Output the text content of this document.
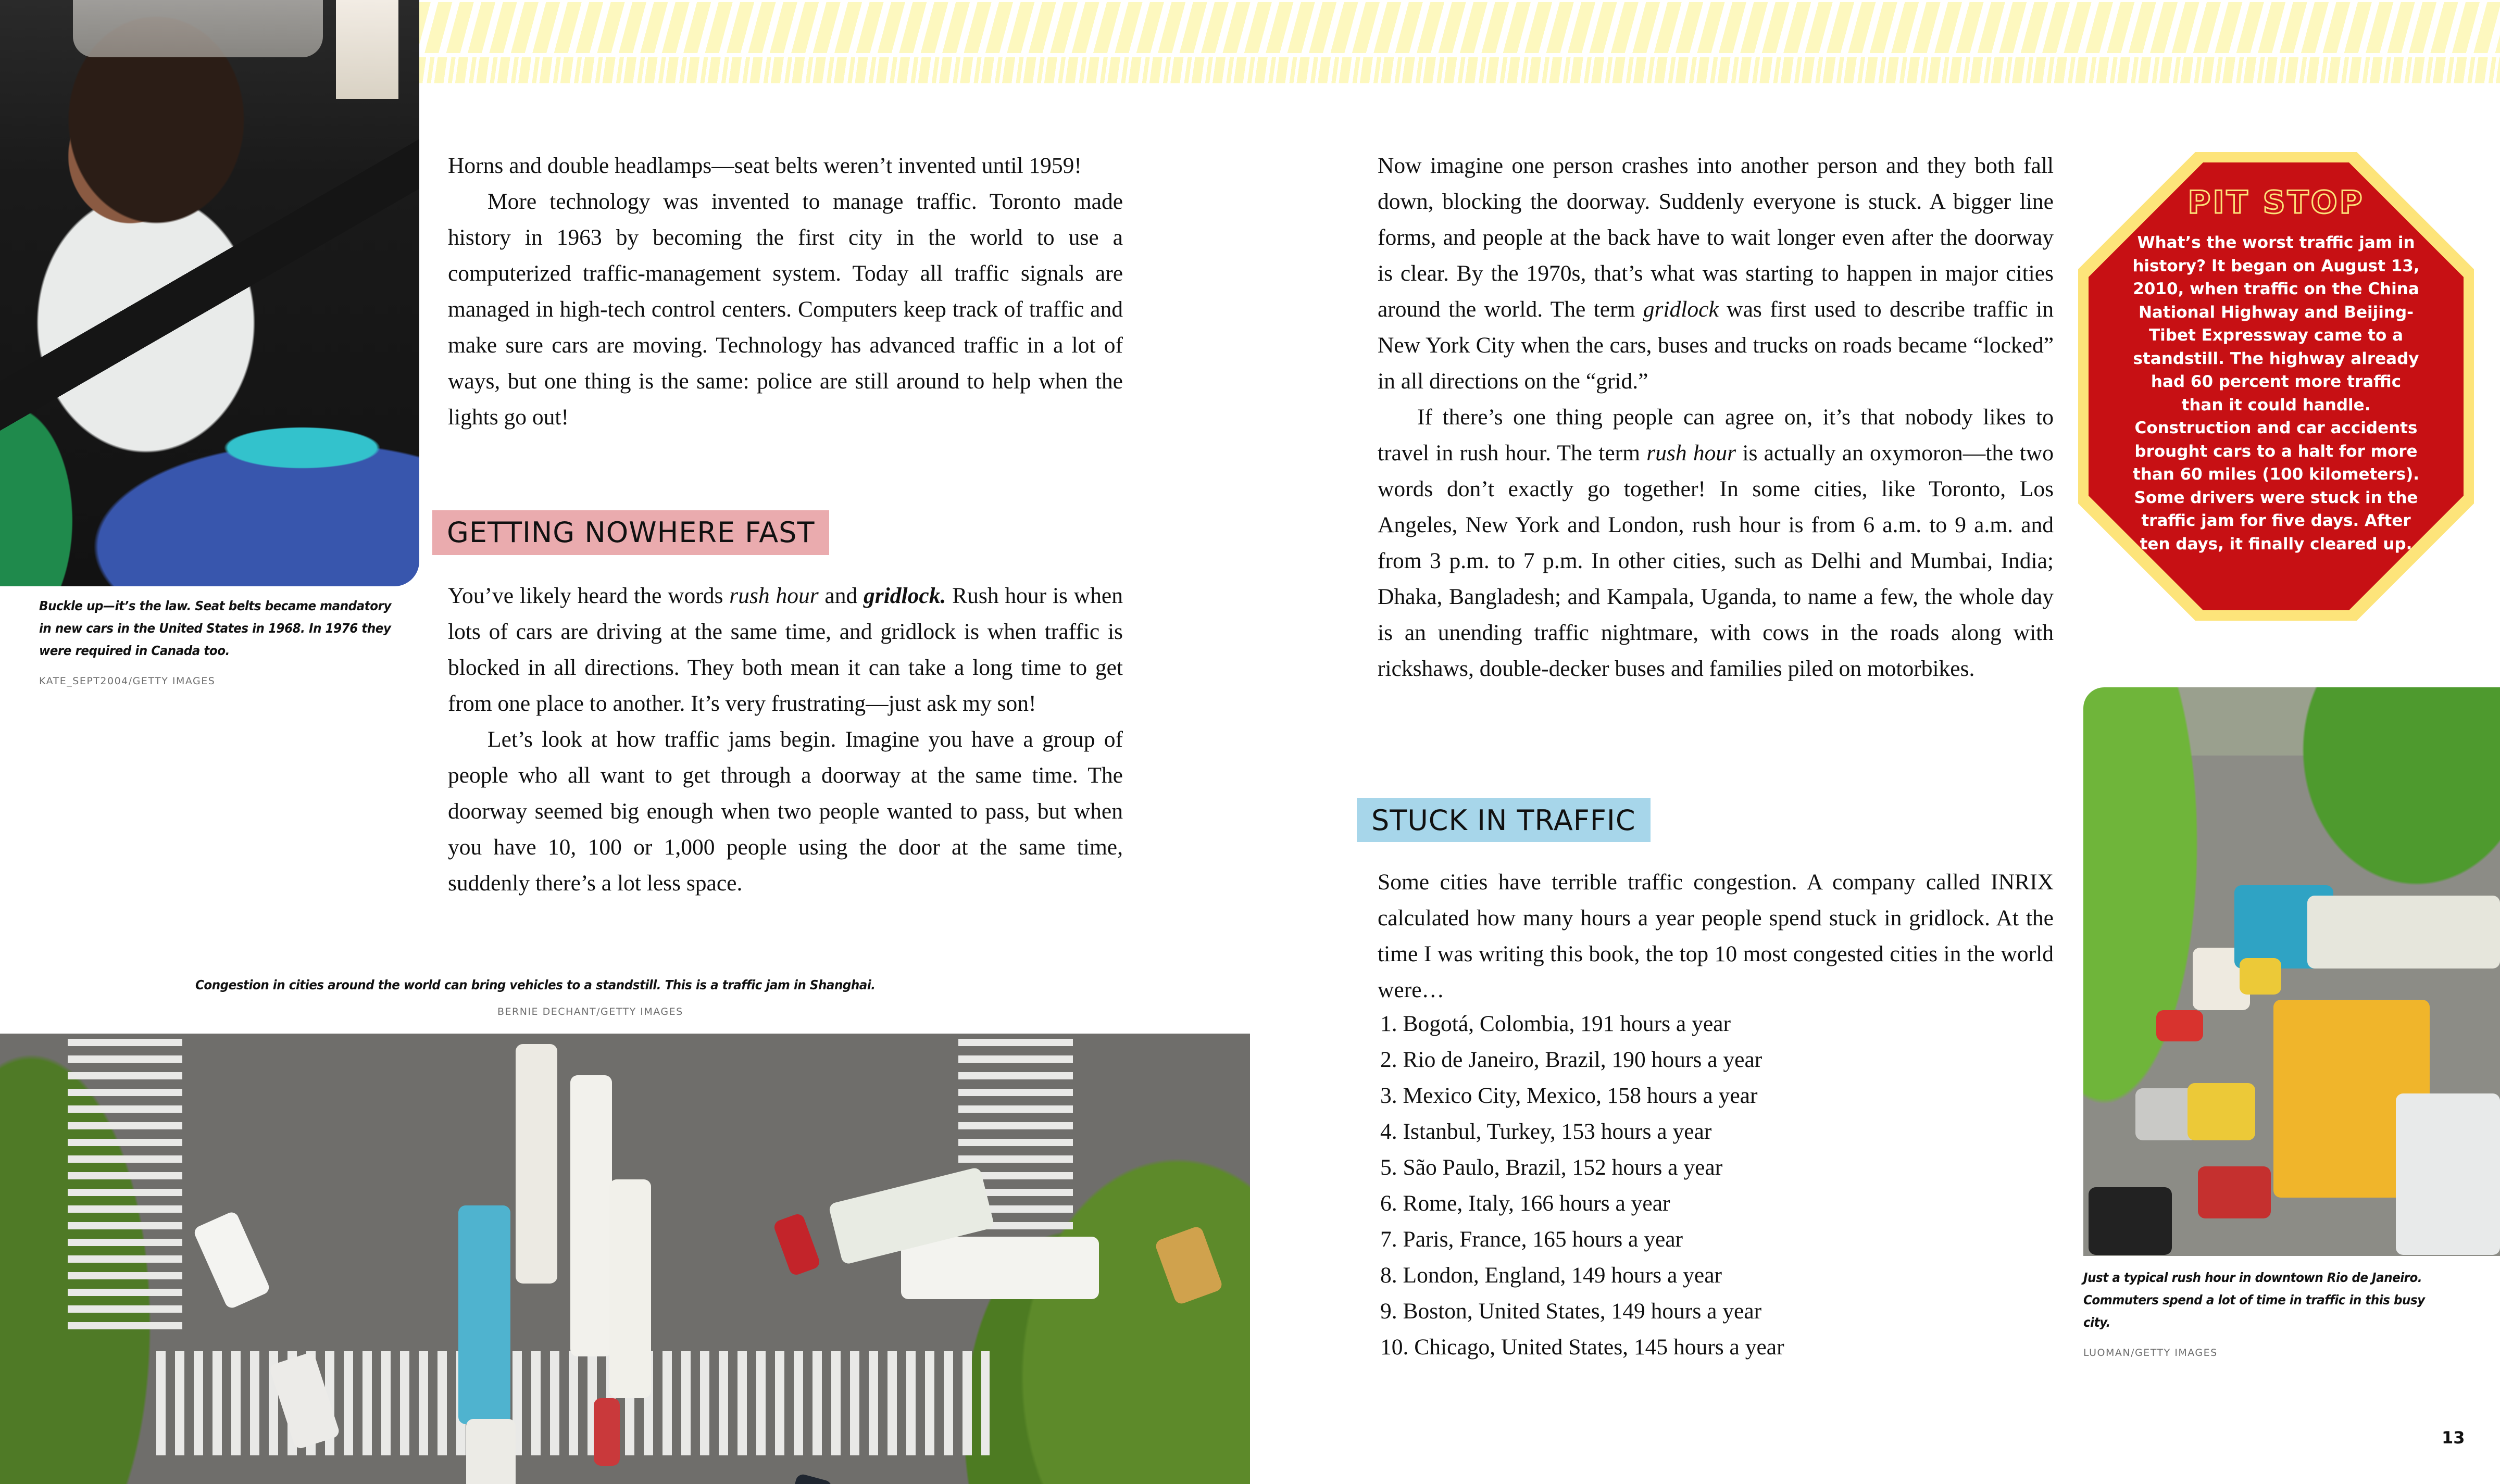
Buckle up—it’s the law. Seat belts became mandatory in new cars in the United States in 1968. In 1976 they were required in Canada too.
KATE_SEPT2004/GETTY IMAGES

Horns and double headlamps—seat belts weren’t invented until 1959!

More technology was invented to manage traffic. Toronto made history in 1963 by becoming the first city in the world to use a computerized traffic-management system. Today all traffic signals are managed in high-tech control centers. Computers keep track of traffic and make sure cars are moving. Technology has advanced traffic in a lot of ways, but one thing is the same: police are still around to help when the lights go out!

GETTING NOWHERE FAST

You’ve likely heard the words rush hour and gridlock. Rush hour is when lots of cars are driving at the same time, and gridlock is when traffic is blocked in all directions. They both mean it can take a long time to get from one place to another. It’s very frustrating—just ask my son!

Let’s look at how traffic jams begin. Imagine you have a group of people who all want to get through a doorway at the same time. The doorway seemed big enough when two people wanted to pass, but when you have 10, 100 or 1,000 people using the door at the same time, suddenly there’s a lot less space.

Congestion in cities around the world can bring vehicles to a standstill. This is a traffic jam in Shanghai.
BERNIE DECHANT/GETTY IMAGES

Now imagine one person crashes into another person and they both fall down, blocking the doorway. Suddenly everyone is stuck. A bigger line forms, and people at the back have to wait longer even after the doorway is clear. By the 1970s, that’s what was starting to happen in major cities around the world. The term gridlock was first used to describe traffic in New York City when the cars, buses and trucks on roads became “locked” in all directions on the “grid.”

If there’s one thing people can agree on, it’s that nobody likes to travel in rush hour. The term rush hour is actually an oxymoron—the two words don’t exactly go together! In some cities, like Toronto, Los Angeles, New York and London, rush hour is from 6 a.m. to 9 a.m. and from 3 p.m. to 7 p.m. In other cities, such as Delhi and Mumbai, India; Dhaka, Bangladesh; and Kampala, Uganda, to name a few, the whole day is an unending traffic nightmare, with cows in the roads along with rickshaws, double-decker buses and families piled on motorbikes.

STUCK IN TRAFFIC

Some cities have terrible traffic congestion. A company called INRIX calculated how many hours a year people spend stuck in gridlock. At the time I was writing this book, the top 10 most congested cities in the world were…

1. Bogotá, Colombia, 191 hours a year
2. Rio de Janeiro, Brazil, 190 hours a year
3. Mexico City, Mexico, 158 hours a year
4. Istanbul, Turkey, 153 hours a year
5. São Paulo, Brazil, 152 hours a year
6. Rome, Italy, 166 hours a year
7. Paris, France, 165 hours a year
8. London, England, 149 hours a year
9. Boston, United States, 149 hours a year
10. Chicago, United States, 145 hours a year
PIT STOP
What’s the worst traffic jam in history? It began on August 13, 2010, when traffic on the China National Highway and Beijing-Tibet Expressway came to a standstill. The highway already had 60 percent more traffic than it could handle. Construction and car accidents brought cars to a halt for more than 60 miles (100 kilometers). Some drivers were stuck in the traffic jam for five days. After ten days, it finally cleared up.
Just a typical rush hour in downtown Rio de Janeiro. Commuters spend a lot of time in traffic in this busy city.
LUOMAN/GETTY IMAGES
13
